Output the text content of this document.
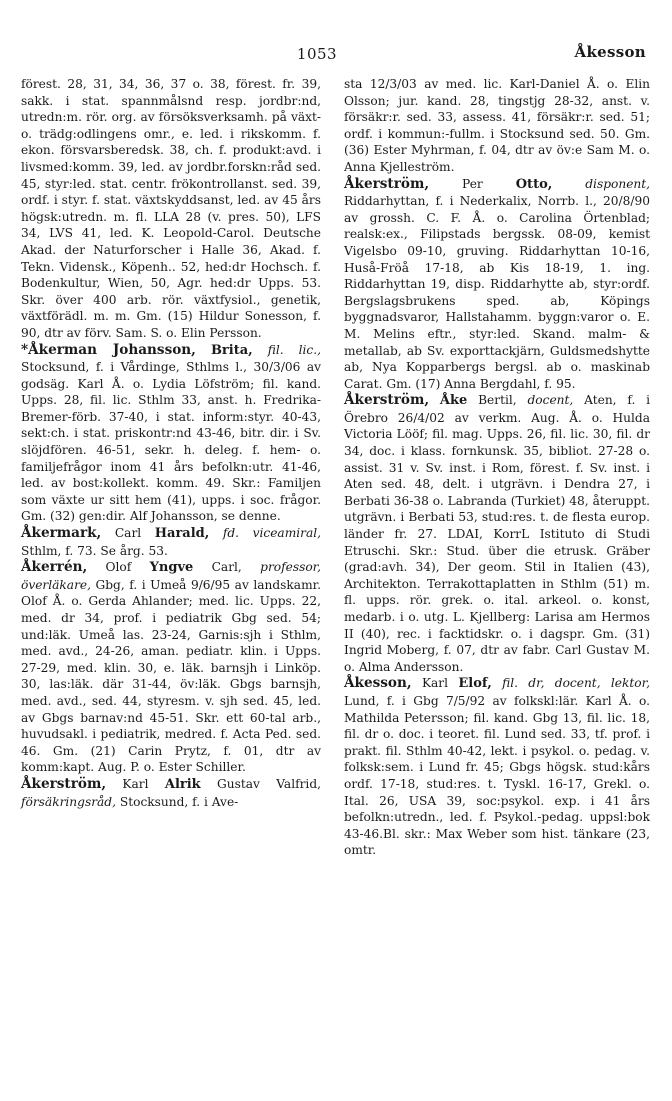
1053	Åkesson

förest. 28, 31, 34, 36, 37 o. 38, förest. fr. 39, sakk. i stat. spannmålsnd resp. jordbr:nd, utredn:m. rör. org. av försöksverksamh. på växt- o. trädg:odlingens omr., e. led. i rikskomm. f. ekon. försvarsberedsk. 38, ch. f. produkt:avd. i livsmed:komm. 39, led. av jordbr.forskn:råd sed. 45, styr:led. stat. centr. frökontrollanst. sed. 39, ordf. i styr. f. stat. växtskyddsanst, led. av 45 års högsk:utredn. m. fl. LLA 28 (v. pres. 50), LFS 34, LVS 41, led. K. Leopold-Carol. Deutsche Akad. der Naturforscher i Halle 36, Akad. f. Tekn. Vidensk., Köpenh.. 52, hed:dr Hochsch. f. Bodenkultur, Wien, 50, Agr. hed:dr Upps. 53. Skr. över 400 arb. rör. växtfysiol., genetik, växtförädl. m. m. Gm. (15) Hildur Sonesson, f. 90, dtr av förv. Sam. S. o. Elin Persson.

*Åkerman Johansson, Brita, fil. lic., Stocksund, f. i Vårdinge, Sthlms l., 30/3/06 av godsäg. Karl Å. o. Lydia Löfström; fil. kand. Upps. 28, fil. lic. Sthlm 33, anst. h. Fredrika-Bremer-förb. 37-40, i stat. inform:styr. 40-43, sekt:ch. i stat. priskontr:nd 43-46, bitr. dir. i Sv. slöjdfören. 46-51, sekr. h. deleg. f. hem- o. familjefrågor inom 41 års befolkn:utr. 41-46, led. av bost:kollekt. komm. 49. Skr.: Familjen som växte ur sitt hem (41), upps. i soc. frågor. Gm. (32) gen:dir. Alf Johansson, se denne.

Åkermark, Carl Harald, fd. viceamiral, Sthlm, f. 73. Se årg. 53.

Åkerrén, Olof Yngve Carl, professor, överläkare, Gbg, f. i Umeå 9/6/95 av landskamr. Olof Å. o. Gerda Ahlander; med. lic. Upps. 22, med. dr 34, prof. i pediatrik Gbg sed. 54; und:läk. Umeå las. 23-24, Garnis:sjh i Sthlm, med. avd., 24-26, aman. pediatr. klin. i Upps. 27-29, med. klin. 30, e. läk. barnsjh i Linköp. 30, las:läk. där 31-44, öv:läk. Gbgs barnsjh, med. avd., sed. 44, styresm. v. sjh sed. 45, led. av Gbgs barnav:nd 45-51. Skr. ett 60-tal arb., huvudsakl. i pediatrik, medred. f. Acta Ped. sed. 46. Gm. (21) Carin Prytz, f. 01, dtr av komm:kapt. Aug. P. o. Ester Schiller.

Åkerström, Karl Alrik Gustav Valfrid, försäkringsråd, Stocksund, f. i Ave-

sta 12/3/03 av med. lic. Karl-Daniel Å. o. Elin Olsson; jur. kand. 28, tingstjg 28-32, anst. v. försäkr:r. sed. 33, assess. 41, försäkr:r. sed. 51; ordf. i kommun:-fullm. i Stocksund sed. 50. Gm. (36) Ester Myhrman, f. 04, dtr av öv:e Sam M. o. Anna Kjelleström.

Åkerström,	Per	Otto,	disponent, Riddarhyttan, f. i Nederkalix, Norrb. l., 20/8/90 av grossh. C. F. Å. o. Carolina Örtenblad; realsk:ex., Filipstads bergssk. 08-09, kemist Vigelsbo 09-10, gruving. Riddarhyttan 10-16, Huså-Fröå 17-18, ab Kis 18-19, 1. ing. Riddarhyttan 19, disp. Riddarhytte ab, styr:ordf. Bergslagsbrukens sped. ab, Köpings byggnadsvaror, Hallstahamm. byggn:varor o. E. M. Melins eftr., styr:led. Skand. malm- & metallab, ab Sv. exporttackjärn, Guldsmedshytte ab, Nya Kopparbergs bergsl. ab o. maskinab Carat. Gm. (17) Anna Bergdahl, f. 95.

Åkerström, Åke Bertil, docent, Aten, f. i Örebro 26/4/02 av verkm. Aug. Å. o. Hulda Victoria Lööf; fil. mag. Upps. 26, fil. lic. 30, fil. dr 34, doc. i klass. fornkunsk. 35, bibliot. 27-28 o. assist. 31 v. Sv. inst. i Rom, förest. f. Sv. inst. i Aten sed. 48, delt. i utgrävn. i Dendra 27, i Berbati 36-38 o. Labranda (Turkiet) 48, återuppt. utgrävn. i Berbati 53, stud:res. t. de flesta europ. länder fr. 27. LDAI, KorrL Istituto di Studi Etruschi. Skr.: Stud. über die etrusk. Gräber (grad:avh. 34), Der geom. Stil in Italien (43), Architekton. Terrakottaplatten in Sthlm (51) m. fl. upps. rör. grek. o. ital. arkeol. o. konst, medarb. i o. utg. L. Kjellberg: Larisa am Hermos II (40), rec. i facktidskr. o. i dagspr. Gm. (31) Ingrid Moberg, f. 07, dtr av fabr. Carl Gustav M. o. Alma Andersson.

Åkesson, Karl Elof, fil. dr, docent, lektor, Lund, f. i Gbg 7/5/92 av folkskl:lär. Karl Å. o. Mathilda Petersson; fil. kand. Gbg 13, fil. lic. 18, fil. dr o. doc. i teoret. fil. Lund sed. 33, tf. prof. i prakt. fil. Sthlm 40-42, lekt. i psykol. o. pedag. v. folksk:sem. i Lund fr. 45; Gbgs högsk. stud:kårs ordf. 17-18, stud:res. t. Tyskl. 16-17, Grekl. o. Ital. 26, USA 39, soc:psykol. exp. i 41 års befolkn:utredn., led. f. Psykol.-pedag. uppsl:bok 43-46.Bl. skr.: Max Weber som hist. tänkare (23, omtr.
